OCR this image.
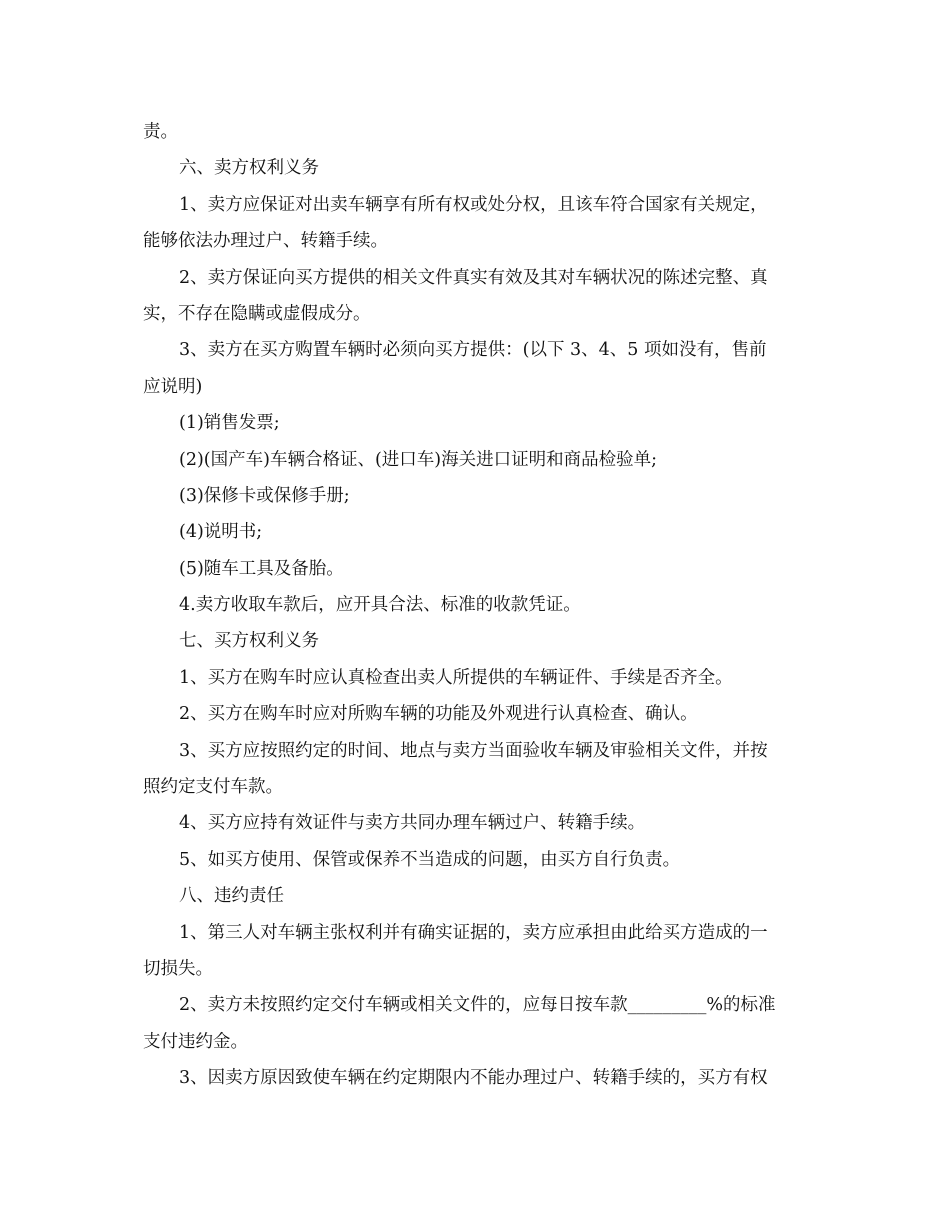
责。
六、卖方权利义务
1、卖方应保证对出卖车辆享有所有权或处分权，且该车符合国家有关规定，
能够依法办理过户、转籍手续。
2、卖方保证向买方提供的相关文件真实有效及其对车辆状况的陈述完整、真
实，不存在隐瞒或虚假成分。
3、卖方在买方购置车辆时必须向买方提供：(以下 3、4、5 项如没有，售前
应说明)
(1)销售发票;
(2)(国产车)车辆合格证、(进口车)海关进口证明和商品检验单;
(3)保修卡或保修手册;
(4)说明书;
(5)随车工具及备胎。
4.卖方收取车款后，应开具合法、标准的收款凭证。
七、买方权利义务
1、买方在购车时应认真检查出卖人所提供的车辆证件、手续是否齐全。
2、买方在购车时应对所购车辆的功能及外观进行认真检查、确认。
3、买方应按照约定的时间、地点与卖方当面验收车辆及审验相关文件，并按
照约定支付车款。
4、买方应持有效证件与卖方共同办理车辆过户、转籍手续。
5、如买方使用、保管或保养不当造成的问题，由买方自行负责。
八、违约责任
1、第三人对车辆主张权利并有确实证据的，卖方应承担由此给买方造成的一
切损失。
2、卖方未按照约定交付车辆或相关文件的，应每日按车款_________%的标准
支付违约金。
3、因卖方原因致使车辆在约定期限内不能办理过户、转籍手续的，买方有权
